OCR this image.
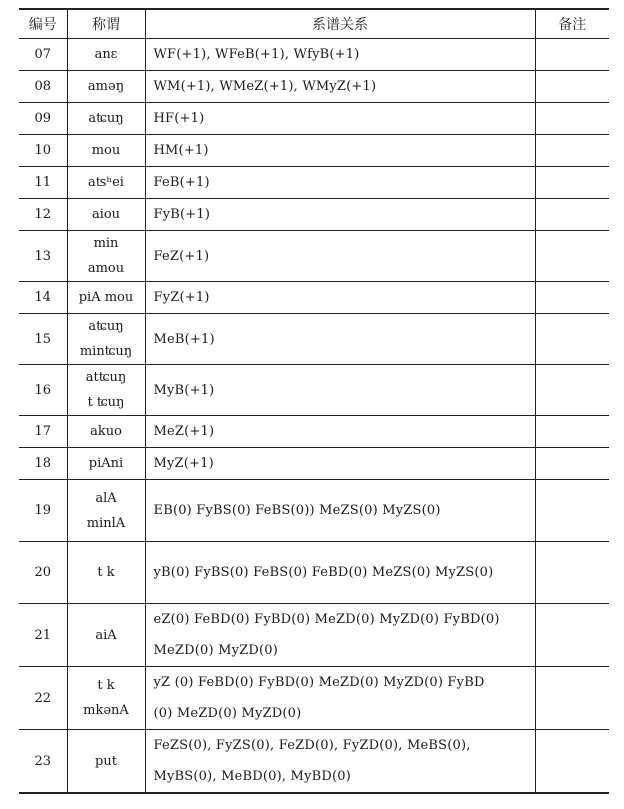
编号	称谓	系谱关系	备注
07	anɛ	WF(+1), WFeB(+1), WfyB(+1)	

08	aməŋ	WM(+1), WMeZ(+1), WMyZ(+1)	

09	aʨuŋ	HF(+1)	

10	mou	HM(+1)	

11	aʦʰei	FeB(+1)	

12	aiou	FyB(+1)	

13	min amou	FeZ(+1)	

14	piA mou	FyZ(+1)	

15	aʨuŋ
minʨuŋ	MeB(+1)	

16	atʨuŋ
t ʨuŋ	MyB(+1)	

17	akuo	MeZ(+1)	

18	piAni	MyZ(+1)	

19	alA
minlA	EB(0) FyBS(0) FeBS(0)) MeZS(0) MyZS(0)	

20	t k	yB(0) FyBS(0) FeBS(0) FeBD(0) MeZS(0) MyZS(0)	

21	aiA	eZ(0) FeBD(0) FyBD(0) MeZD(0) MyZD(0) FyBD(0)
MeZD(0) MyZD(0)	

22	t k
mkənA	yZ (0) FeBD(0) FyBD(0) MeZD(0) MyZD(0) FyBD
(0) MeZD(0) MyZD(0)	

23	put	FeZS(0), FyZS(0), FeZD(0), FyZD(0), MeBS(0),
MyBS(0), MeBD(0), MyBD(0)	
